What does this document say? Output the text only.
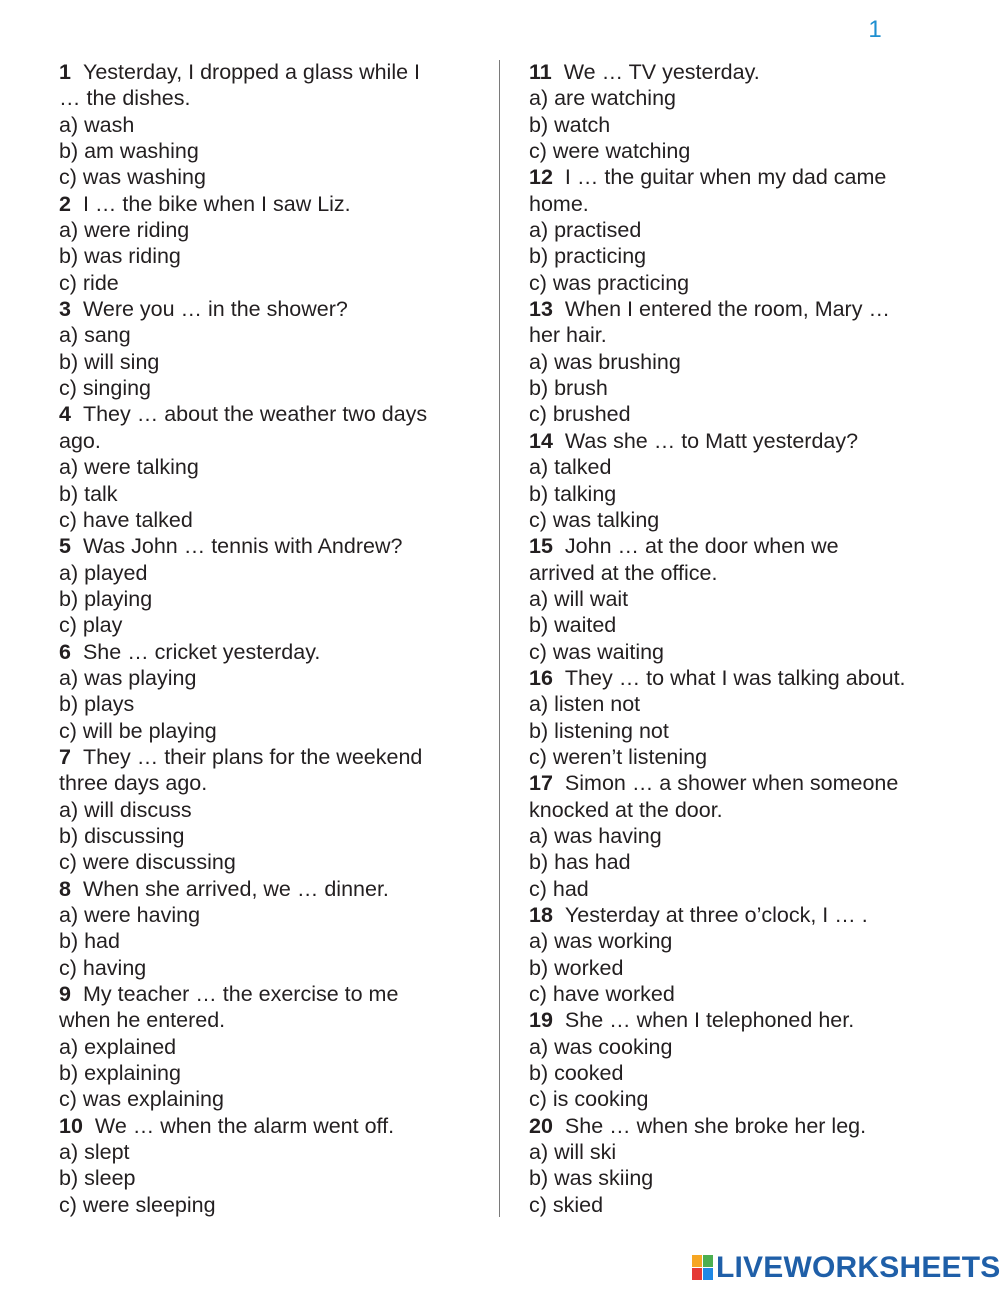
1
1 Yesterday, I dropped a glass while I
… the dishes.
a) wash
b) am washing
c) was washing
2 I … the bike when I saw Liz.
a) were riding
b) was riding
c) ride
3 Were you … in the shower?
a) sang
b) will sing
c) singing
4 They … about the weather two days
ago.
a) were talking
b) talk
c) have talked
5 Was John … tennis with Andrew?
a) played
b) playing
c) play
6 She … cricket yesterday.
a) was playing
b) plays
c) will be playing
7 They … their plans for the weekend
three days ago.
a) will discuss
b) discussing
c) were discussing
8 When she arrived, we … dinner.
a) were having
b) had
c) having
9 My teacher … the exercise to me
when he entered.
a) explained
b) explaining
c) was explaining
10 We … when the alarm went off.
a) slept
b) sleep
c) were sleeping
11 We … TV yesterday.
a) are watching
b) watch
c) were watching
12 I … the guitar when my dad came
home.
a) practised
b) practicing
c) was practicing
13 When I entered the room, Mary …
her hair.
a) was brushing
b) brush
c) brushed
14 Was she … to Matt yesterday?
a) talked
b) talking
c) was talking
15 John … at the door when we
arrived at the office.
a) will wait
b) waited
c) was waiting
16 They … to what I was talking about.
a) listen not
b) listening not
c) weren’t listening
17 Simon … a shower when someone
knocked at the door.
a) was having
b) has had
c) had
18 Yesterday at three o’clock, I … .
a) was working
b) worked
c) have worked
19 She … when I telephoned her.
a) was cooking
b) cooked
c) is cooking
20 She … when she broke her leg.
a) will ski
b) was skiing
c) skied
LIVEWORKSHEETS
